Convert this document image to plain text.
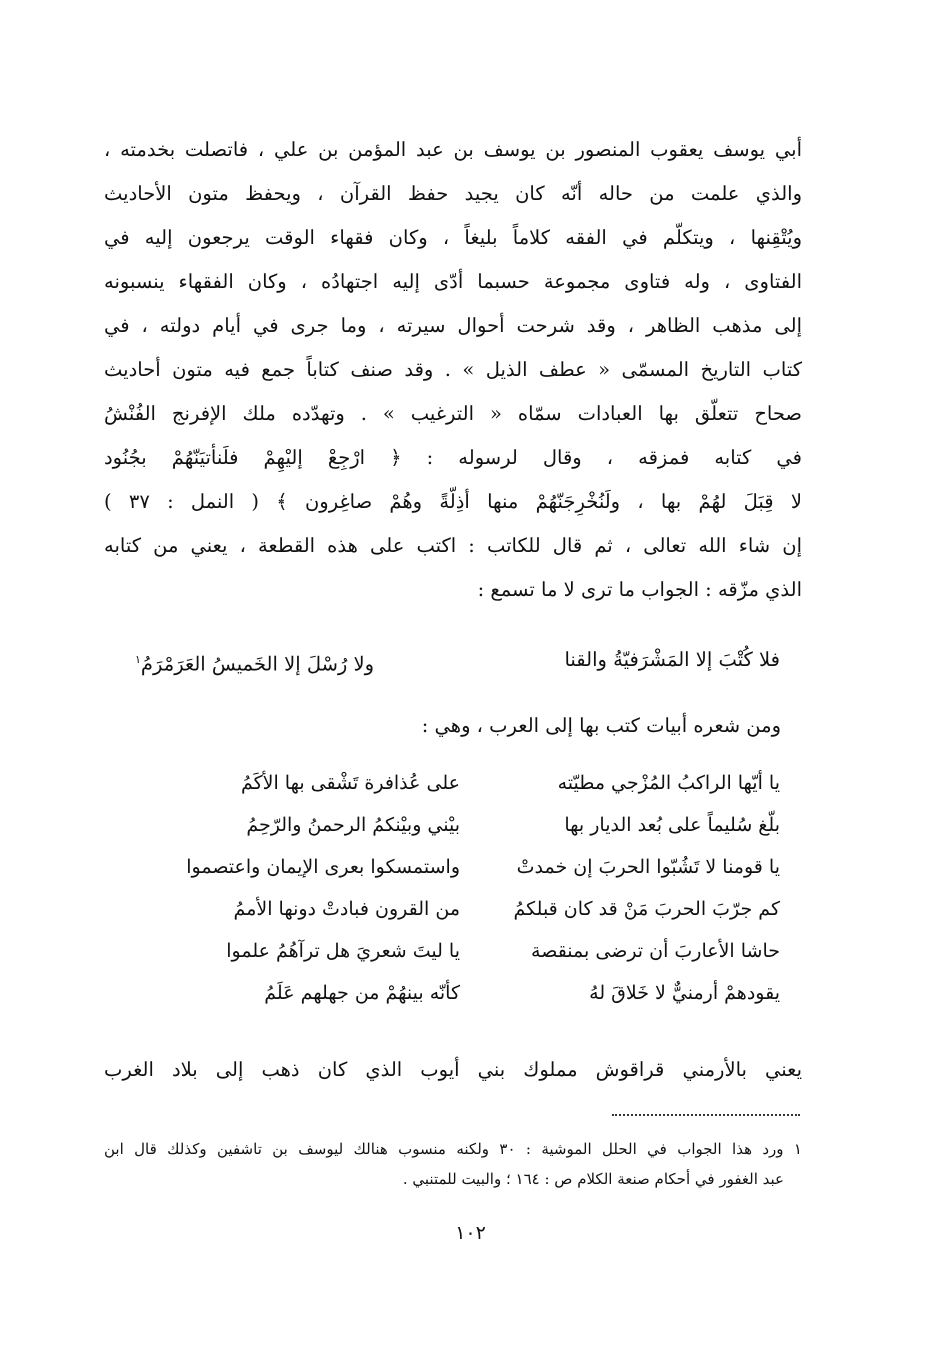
أبي يوسف يعقوب المنصور بن يوسف بن عبد المؤمن بن علي ، فاتصلت بخدمته ،
والذي علمت من حاله أنّه كان يجيد حفظ القرآن ، ويحفظ متون الأحاديث
ويُتْقِنها ، ويتكلّم في الفقه كلاماً بليغاً ، وكان فقهاء الوقت يرجعون إليه في
الفتاوى ، وله فتاوى مجموعة حسبما أدّى إليه اجتهادُه ، وكان الفقهاء ينسبونه
إلى مذهب الظاهر ، وقد شرحت أحوال سيرته ، وما جرى في أيام دولته ، في
كتاب التاريخ المسمّى « عطف الذيل » . وقد صنف كتاباً جمع فيه متون أحاديث
صحاح تتعلّق بها العبادات سمّاه « الترغيب » . وتهدّده ملك الإفرنج الفُنْشُ
في كتابه فمزقه ، وقال لرسوله : ﴿ ارْجِعْ إليْهِمْ فلَنأتيَنّهُمْ بجُنُود
لا قِبَلَ لهُمْ بها ، ولَنُخْرِجَنّهُمْ منها أذِلّةً وهُمْ صاغِرون ﴾ ( النمل : ٣٧ )
إن شاء الله تعالى ، ثم قال للكاتب : اكتب على هذه القطعة ، يعني من كتابه
الذي مزّقه : الجواب ما ترى لا ما تسمع :
فلا كُتْبَ إلا المَشْرَفيّةُ والقنا
ولا رُسْلَ إلا الخَميسُ العَرَمْرَمُ$^١$
ومن شعره أبيات كتب بها إلى العرب ، وهي :
يا أيّها الراكبُ المُزْجي مطيّته
على عُذافرة تَشْقى بها الأكَمُ
بلّغ سُليماً على بُعد الديار بها
بيْني وبيْنكمُ الرحمنُ والرّحِمُ
يا قومنا لا تَشُبّوا الحربَ إن خمدتْ
واستمسكوا بعرى الإيمان واعتصموا
كم جرّبَ الحربَ مَنْ قد كان قبلكمُ
من القرون فبادتْ دونها الأممُ
حاشا الأعاربَ أن ترضى بمنقصة
يا ليتَ شعريَ هل ترآهُمُ علموا
يقودهمْ أرمنيٌّ لا خَلاقَ لهُ
كأنّه بينهُمْ من جهلهم عَلَمُ
يعني بالأرمني قراقوش مملوك بني أيوب الذي كان ذهب إلى بلاد الغرب
١ ورد هذا الجواب في الحلل الموشية : ٣٠ ولكنه منسوب هنالك ليوسف بن تاشفين وكذلك قال ابن
عبد الغفور في أحكام صنعة الكلام ص : ١٦٤ ؛ والبيت للمتنبي .
١٠٢
